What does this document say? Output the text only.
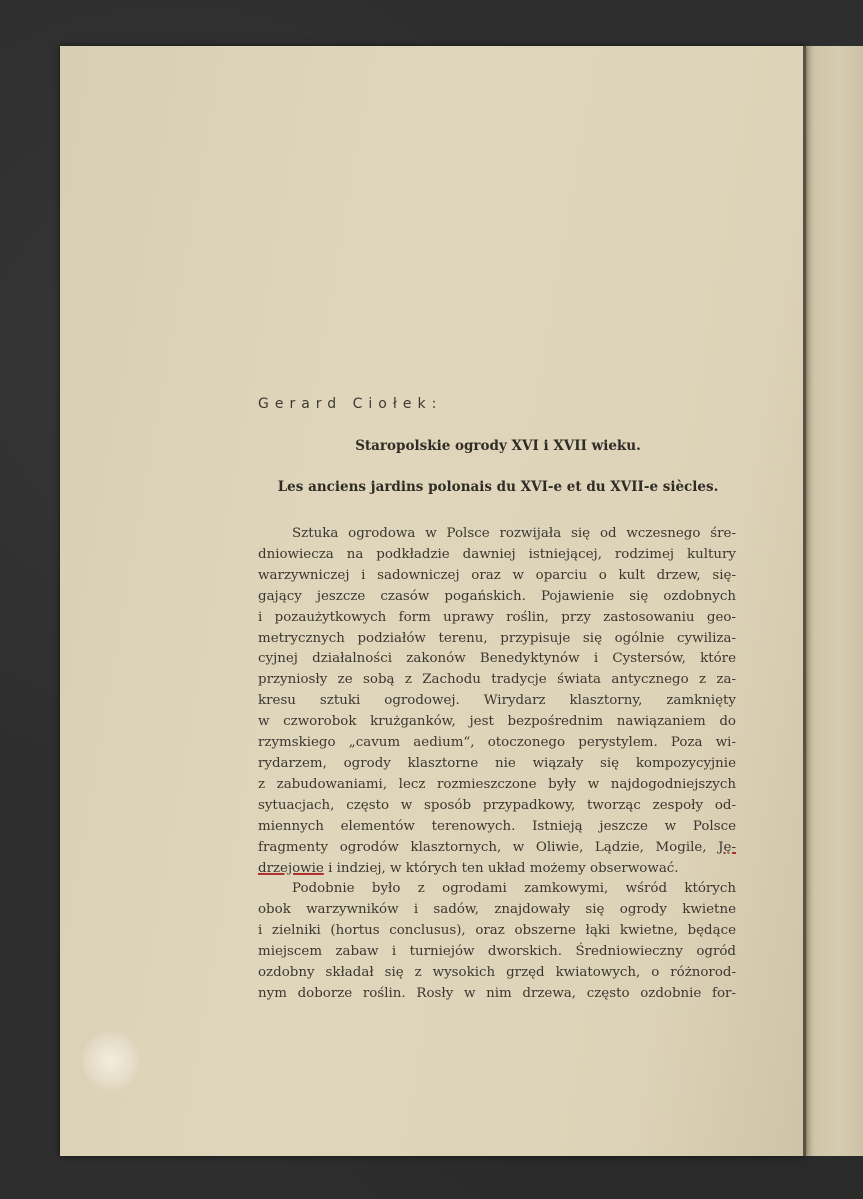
Gerard Ciołek:
Staropolskie ogrody XVI i XVII wieku.
Les anciens jardins polonais du XVI-e et du XVII-e siècles.
Sztuka ogrodowa w Polsce rozwijała się od wczesnego śre-
dniowiecza na podkładzie dawniej istniejącej, rodzimej kultury
warzywniczej i sadowniczej oraz w oparciu o kult drzew, się-
gający jeszcze czasów pogańskich. Pojawienie się ozdobnych
i pozaużytkowych form uprawy roślin, przy zastosowaniu geo-
metrycznych podziałów terenu, przypisuje się ogólnie cywiliza-
cyjnej działalności zakonów Benedyktynów i Cystersów, które
przyniosły ze sobą z Zachodu tradycje świata antycznego z za-
kresu sztuki ogrodowej. Wirydarz klasztorny, zamknięty
w czworobok krużganków, jest bezpośrednim nawiązaniem do
rzymskiego „cavum aedium“, otoczonego perystylem. Poza wi-
rydarzem, ogrody klasztorne nie wiązały się kompozycyjnie
z zabudowaniami, lecz rozmieszczone były w najdogodniejszych
sytuacjach, często w sposób przypadkowy, tworząc zespoły od-
miennych elementów terenowych. Istnieją jeszcze w Polsce
fragmenty ogrodów klasztornych, w Oliwie, Lądzie, Mogile, Ję-
drzejowie i indziej, w których ten układ możemy obserwować.
Podobnie było z ogrodami zamkowymi, wśród których
obok warzywników i sadów, znajdowały się ogrody kwietne
i zielniki (hortus conclusus), oraz obszerne łąki kwietne, będące
miejscem zabaw i turniejów dworskich. Średniowieczny ogród
ozdobny składał się z wysokich grzęd kwiatowych, o różnorod-
nym doborze roślin. Rosły w nim drzewa, często ozdobnie for-
